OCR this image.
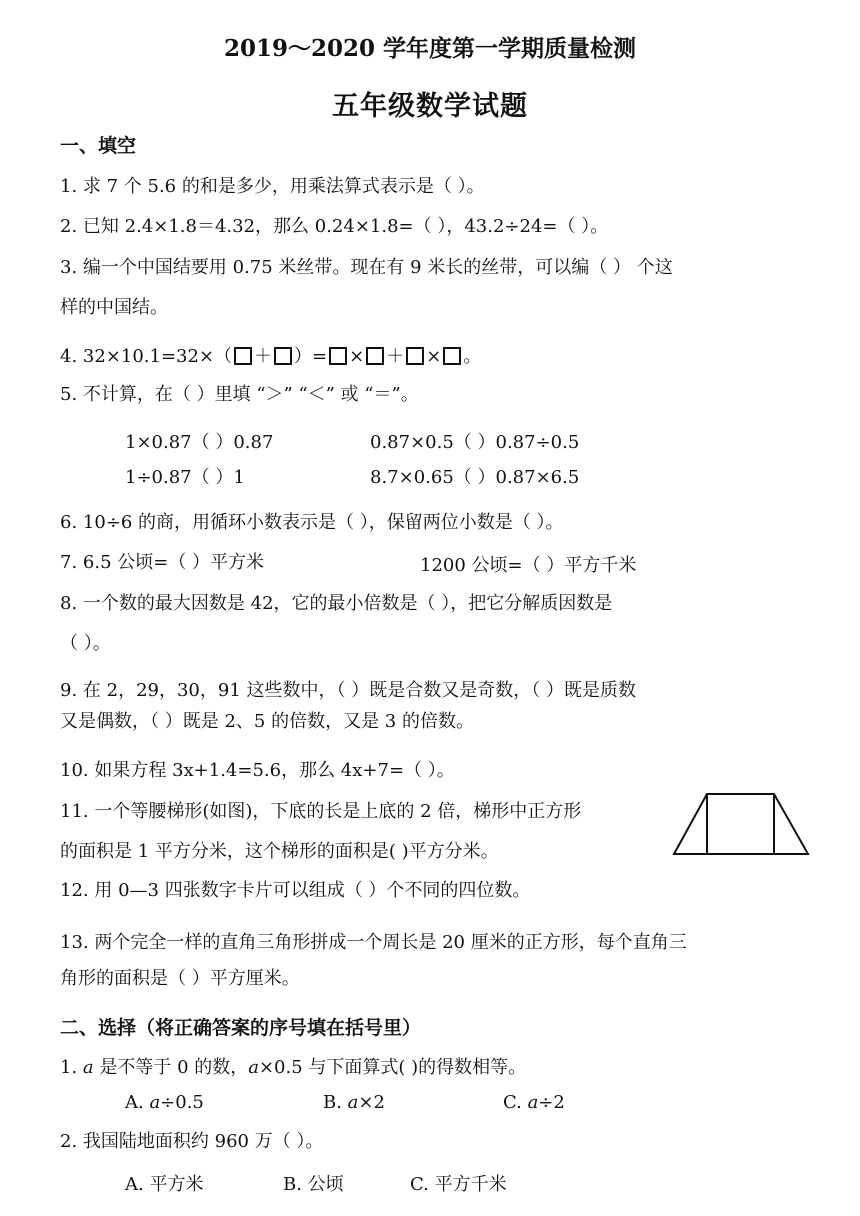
2019～2020 学年度第一学期质量检测
五年级数学试题
一、填空
1. 求 7 个 5.6 的和是多少，用乘法算式表示是（ ）。
2. 已知 2.4×1.8＝4.32，那么 0.24×1.8=（ ），43.2÷24=（ ）。
3. 编一个中国结要用 0.75 米丝带。现在有 9 米长的丝带，可以编（ ） 个这
样的中国结。
4. 32×10.1=32×（ ＋ ）= × ＋ × 。
5. 不计算，在（ ）里填 “＞” “＜” 或 “＝”。
1×0.87（ ）0.87	0.87×0.5（ ）0.87÷0.5
1÷0.87（ ）1	8.7×0.65（ ）0.87×6.5
6. 10÷6 的商，用循环小数表示是（ ），保留两位小数是（ ）。
7. 6.5 公顷=（ ）平方米	1200 公顷=（ ）平方千米
8. 一个数的最大因数是 42，它的最小倍数是（ ），把它分解质因数是
（ ）。
9. 在 2，29，30，91 这些数中，（ ）既是合数又是奇数，（ ）既是质数
又是偶数，（ ）既是 2、5 的倍数，又是 3 的倍数。
10. 如果方程 3x+1.4=5.6，那么 4x+7=（ ）。
11. 一个等腰梯形(如图)，下底的长是上底的 2 倍，梯形中正方形
的面积是 1 平方分米，这个梯形的面积是( )平方分米。
12. 用 0—3 四张数字卡片可以组成（ ）个不同的四位数。
13. 两个完全一样的直角三角形拼成一个周长是 20 厘米的正方形，每个直角三
角形的面积是（ ）平方厘米。
二、选择（将正确答案的序号填在括号里）
1. 𝑎 是不等于 0 的数，𝑎×0.5 与下面算式( )的得数相等。
A. 𝑎÷0.5	B. 𝑎×2	C. 𝑎÷2
2. 我国陆地面积约 960 万（ ）。
A. 平方米	B. 公顷	C. 平方千米
